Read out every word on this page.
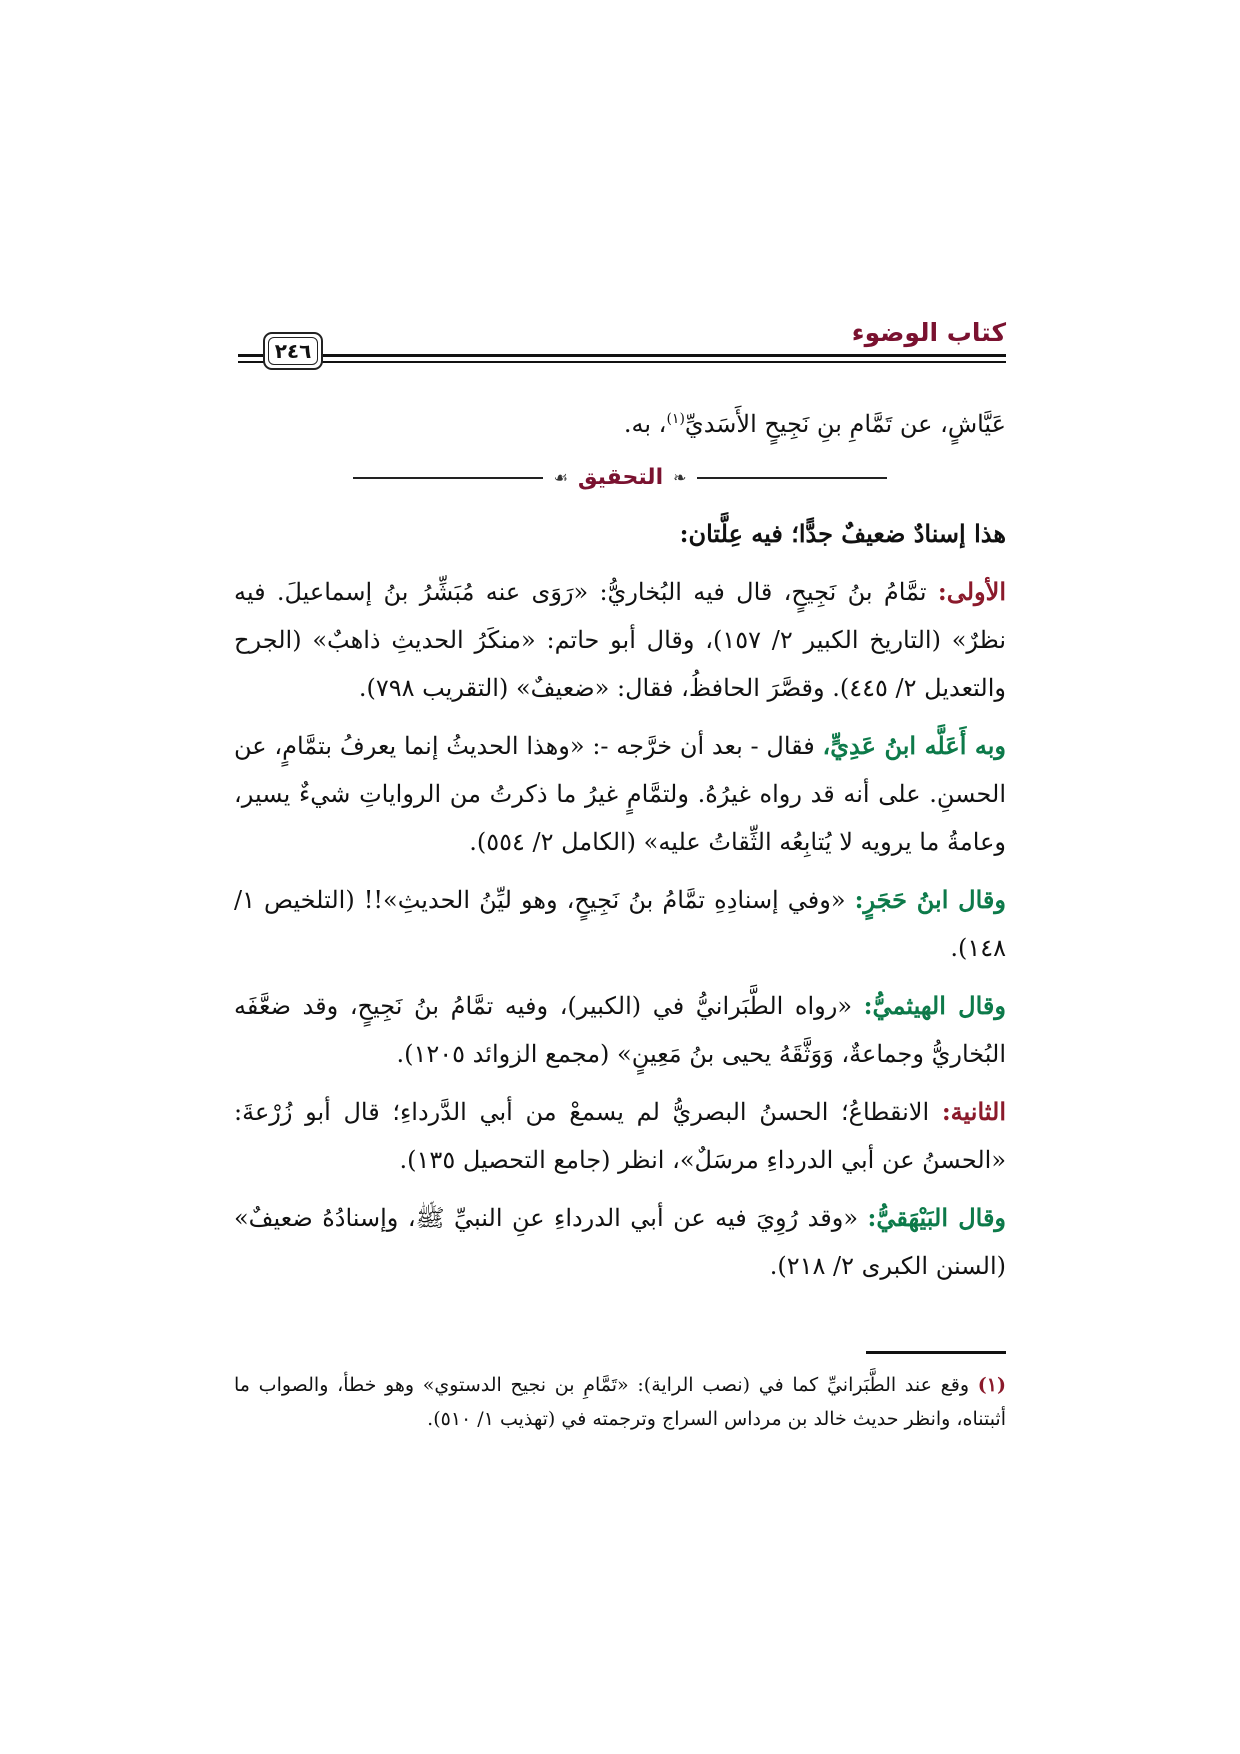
كتاب الوضوء
٢٤٦

عَيَّاشٍ، عن تَمَّامِ بنِ نَجِيحٍ الأَسَديِّ$^{(١)}$، به.

❧
التحقيق
☙

هذا إسنادٌ ضعيفٌ جدًّا؛ فيه عِلَّتان:

الأولى: تمَّامُ بنُ نَجِيحٍ، قال فيه البُخاريُّ: «رَوَى عنه مُبَشِّرُ بنُ إسماعيلَ. فيه نظرٌ» (التاريخ الكبير ٢/ ١٥٧)، وقال أبو حاتم: «منكَرُ الحديثِ ذاهبٌ» (الجرح والتعديل ٢/ ٤٤٥). وقصَّرَ الحافظُ، فقال: «ضعيفٌ» (التقريب ٧٩٨).

وبه أَعَلَّه ابنُ عَدِيٍّ، فقال - بعد أن خرَّجه -: «وهذا الحديثُ إنما يعرفُ بتمَّامٍ، عن الحسنِ. على أنه قد رواه غيرُهُ. ولتمَّامٍ غيرُ ما ذكرتُ من الرواياتِ شيءٌ يسير، وعامةُ ما يرويه لا يُتابِعُه الثِّقاتُ عليه» (الكامل ٢/ ٥٥٤).

وقال ابنُ حَجَرٍ: «وفي إسنادِهِ تمَّامُ بنُ نَجِيحٍ، وهو ليِّنُ الحديثِ»!! (التلخيص ١/ ١٤٨).

وقال الهيثميُّ: «رواه الطَّبَرانيُّ في (الكبير)، وفيه تمَّامُ بنُ نَجِيحٍ، وقد ضعَّفَه البُخاريُّ وجماعةٌ، وَوَثَّقَهُ يحيى بنُ مَعِينٍ» (مجمع الزوائد ١٢٠٥).

الثانية: الانقطاعُ؛ الحسنُ البصريُّ لم يسمعْ من أبي الدَّرداءِ؛ قال أبو زُرْعةَ: «الحسنُ عن أبي الدرداءِ مرسَلٌ»، انظر (جامع التحصيل ١٣٥).

وقال البَيْهَقيُّ: «وقد رُوِيَ فيه عن أبي الدرداءِ عنِ النبيِّ ﷺ، وإسنادُهُ ضعيفٌ» (السنن الكبرى ٢/ ٢١٨).

(١) وقع عند الطَّبَرانيِّ كما في (نصب الراية): «تَمَّامِ بن نجيح الدستوي» وهو خطأ، والصواب ما أثبتناه، وانظر حديث خالد بن مرداس السراج وترجمته في (تهذيب ١/ ٥١٠).
